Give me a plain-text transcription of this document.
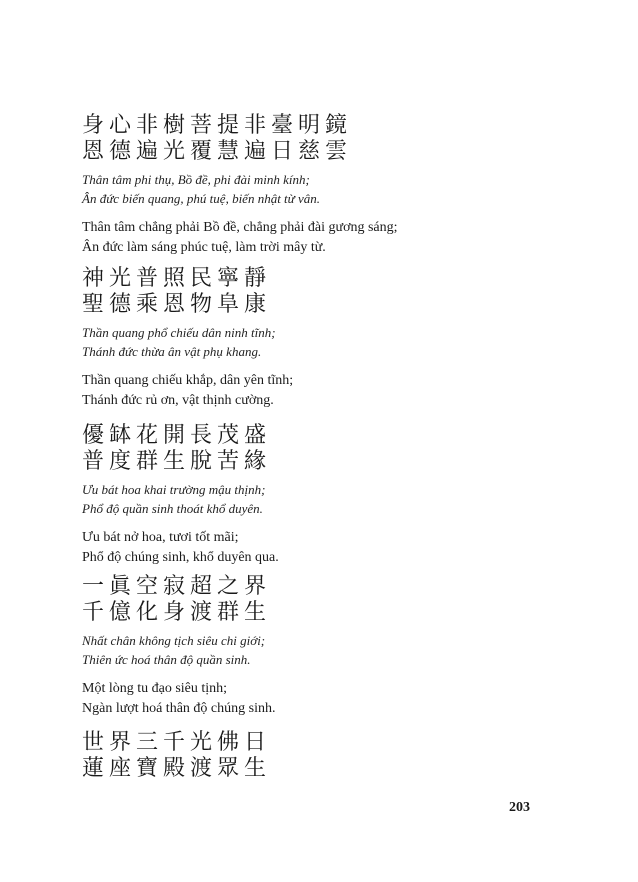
身心非樹菩提非臺明鏡
恩德遍光覆慧遍日慈雲
Thân tâm phi thụ, Bồ đề, phi đài minh kính;
Ân đức biến quang, phú tuệ, biến nhật từ vân.
Thân tâm chẳng phải Bồ đề, chẳng phải đài gương sáng;
Ân đức làm sáng phúc tuệ, làm trời mây từ.
神光普照民寧靜
聖德乘恩物阜康
Thần quang phổ chiếu dân ninh tĩnh;
Thánh đức thừa ân vật phụ khang.
Thần quang chiếu khắp, dân yên tĩnh;
Thánh đức rủ ơn, vật thịnh cường.
優缽花開長茂盛
普度群生脫苦緣
Ưu bát hoa khai trường mậu thịnh;
Phổ độ quần sinh thoát khổ duyên.
Ưu bát nở hoa, tươi tốt mãi;
Phổ độ chúng sinh, khổ duyên qua.
一眞空寂超之界
千億化身渡群生
Nhất chân không tịch siêu chi giới;
Thiên ức hoá thân độ quần sinh.
Một lòng tu đạo siêu tịnh;
Ngàn lượt hoá thân độ chúng sinh.
世界三千光佛日
蓮座寶殿渡眾生
203
